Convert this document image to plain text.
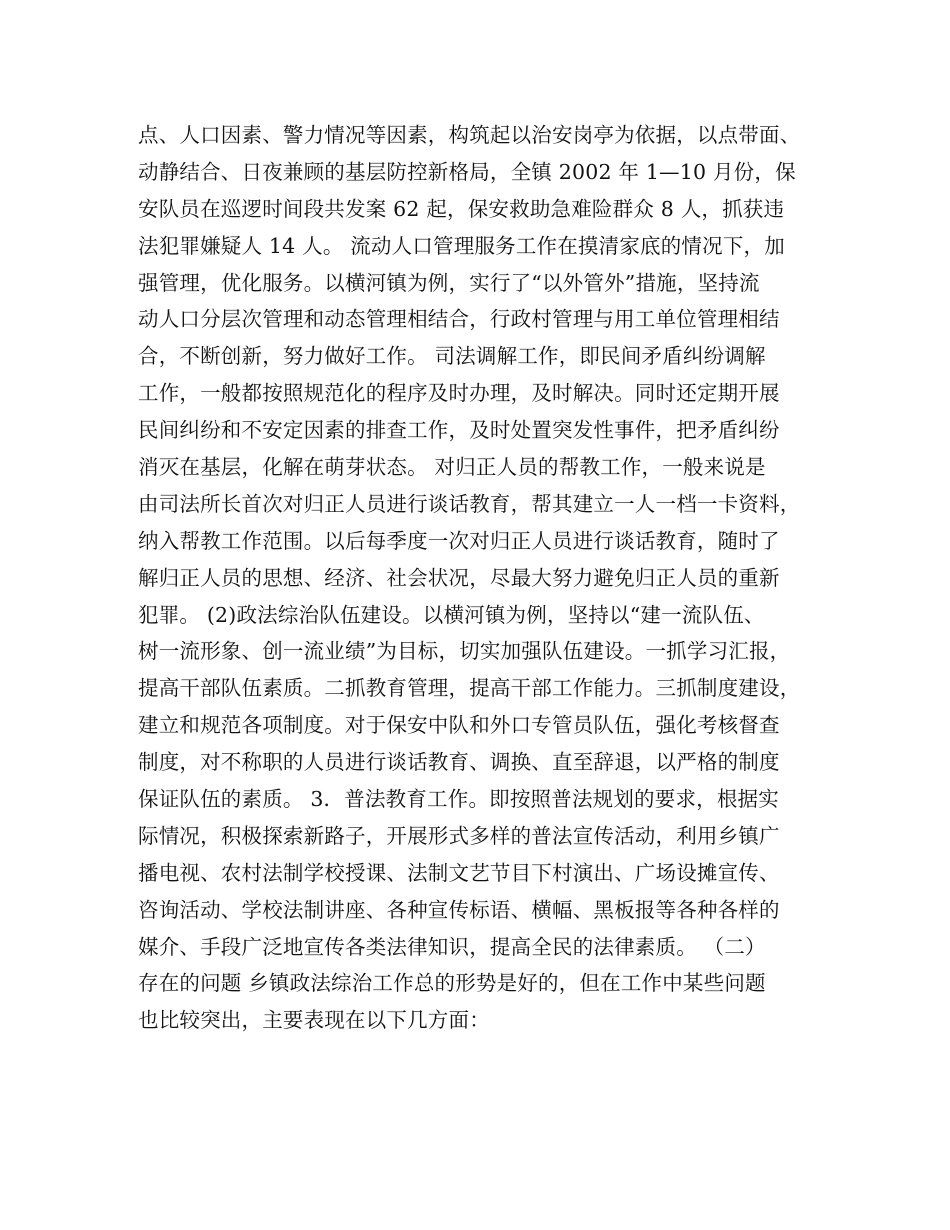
点、人口因素、警力情况等因素，构筑起以治安岗亭为依据，以点带面、
动静结合、日夜兼顾的基层防控新格局，全镇 2002 年 1—10 月份，保
安队员在巡逻时间段共发案 62 起，保安救助急难险群众 8 人，抓获违
法犯罪嫌疑人 14 人。 流动人口管理服务工作在摸清家底的情况下，加
强管理，优化服务。以横河镇为例，实行了“以外管外”措施，坚持流
动人口分层次管理和动态管理相结合，行政村管理与用工单位管理相结
合，不断创新，努力做好工作。 司法调解工作，即民间矛盾纠纷调解
工作，一般都按照规范化的程序及时办理，及时解决。同时还定期开展
民间纠纷和不安定因素的排查工作，及时处置突发性事件，把矛盾纠纷
消灭在基层，化解在萌芽状态。 对归正人员的帮教工作，一般来说是
由司法所长首次对归正人员进行谈话教育，帮其建立一人一档一卡资料，
纳入帮教工作范围。以后每季度一次对归正人员进行谈话教育，随时了
解归正人员的思想、经济、社会状况，尽最大努力避免归正人员的重新
犯罪。 (2)政法综治队伍建设。以横河镇为例，坚持以“建一流队伍、
树一流形象、创一流业绩”为目标，切实加强队伍建设。一抓学习汇报，
提高干部队伍素质。二抓教育管理，提高干部工作能力。三抓制度建设，
建立和规范各项制度。对于保安中队和外口专管员队伍，强化考核督查
制度，对不称职的人员进行谈话教育、调换、直至辞退，以严格的制度
保证队伍的素质。 3．普法教育工作。即按照普法规划的要求，根据实
际情况，积极探索新路子，开展形式多样的普法宣传活动，利用乡镇广
播电视、农村法制学校授课、法制文艺节目下村演出、广场设摊宣传、
咨询活动、学校法制讲座、各种宣传标语、横幅、黑板报等各种各样的
媒介、手段广泛地宣传各类法律知识，提高全民的法律素质。 （二）
存在的问题 乡镇政法综治工作总的形势是好的，但在工作中某些问题
也比较突出，主要表现在以下几方面：
